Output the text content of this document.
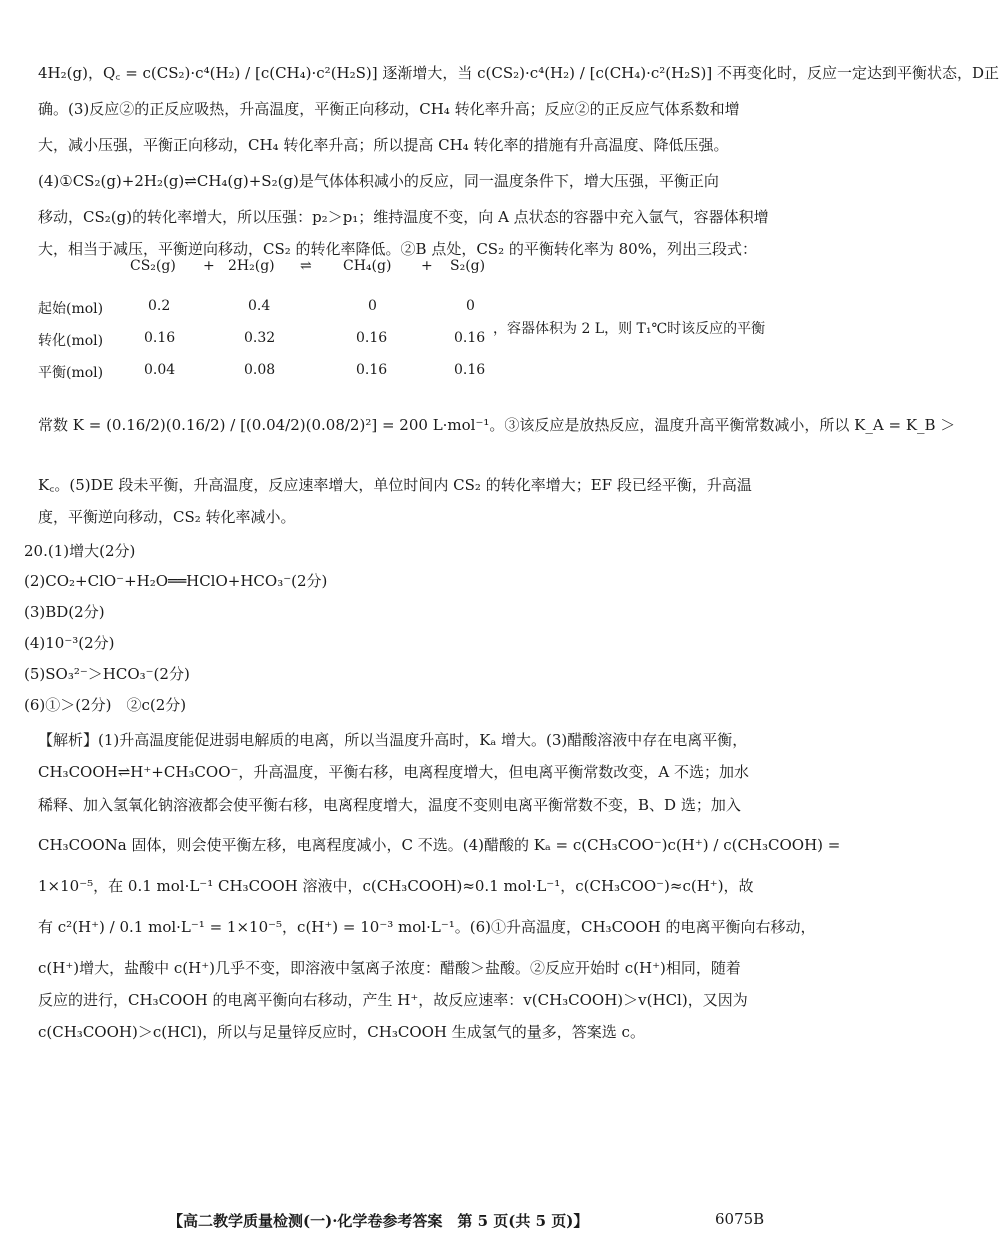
4H₂(g)，Q꜀ = c(CS₂)·c⁴(H₂) / [c(CH₄)·c²(H₂S)] 逐渐增大，当 c(CS₂)·c⁴(H₂) / [c(CH₄)·c²(H₂S)] 不再变化时，反应一定达到平衡状态，D正
确。(3)反应②的正反应吸热，升高温度，平衡正向移动，CH₄ 转化率升高；反应②的正反应气体系数和增
大，减小压强，平衡正向移动，CH₄ 转化率升高；所以提高 CH₄ 转化率的措施有升高温度、降低压强。
(4)①CS₂(g)+2H₂(g)⇌CH₄(g)+S₂(g)是气体体积减小的反应，同一温度条件下，增大压强，平衡正向
移动，CS₂(g)的转化率增大，所以压强：p₂＞p₁；维持温度不变，向 A 点状态的容器中充入氩气，容器体积增
大，相当于减压，平衡逆向移动，CS₂ 的转化率降低。②B 点处，CS₂ 的平衡转化率为 80%，列出三段式：
CS₂(g) + 2H₂(g) ⇌ CH₄(g) + S₂(g)
起始(mol)	0.2	0.4	0	0
转化(mol)	0.16	0.32	0.16	0.16
，容器体积为 2 L，则 T₁℃时该反应的平衡
平衡(mol)	0.04	0.08	0.16	0.16
常数 K = (0.16/2)(0.16/2) / [(0.04/2)(0.08/2)²] = 200 L·mol⁻¹。③该反应是放热反应，温度升高平衡常数减小，所以 K_A = K_B ＞
K꜀。(5)DE 段未平衡，升高温度，反应速率增大，单位时间内 CS₂ 的转化率增大；EF 段已经平衡，升高温
度，平衡逆向移动，CS₂ 转化率减小。
20.(1)增大(2分)
(2)CO₂+ClO⁻+H₂O══HClO+HCO₃⁻(2分)
(3)BD(2分)
(4)10⁻³(2分)
(5)SO₃²⁻＞HCO₃⁻(2分)
(6)①＞(2分)　②c(2分)
【解析】(1)升高温度能促进弱电解质的电离，所以当温度升高时，Kₐ 增大。(3)醋酸溶液中存在电离平衡，
CH₃COOH⇌H⁺+CH₃COO⁻，升高温度，平衡右移，电离程度增大，但电离平衡常数改变，A 不选；加水
稀释、加入氢氧化钠溶液都会使平衡右移，电离程度增大，温度不变则电离平衡常数不变，B、D 选；加入
CH₃COONa 固体，则会使平衡左移，电离程度减小，C 不选。(4)醋酸的 Kₐ = c(CH₃COO⁻)c(H⁺) / c(CH₃COOH) =
1×10⁻⁵，在 0.1 mol·L⁻¹ CH₃COOH 溶液中，c(CH₃COOH)≈0.1 mol·L⁻¹，c(CH₃COO⁻)≈c(H⁺)，故
有 c²(H⁺) / 0.1 mol·L⁻¹ = 1×10⁻⁵，c(H⁺) = 10⁻³ mol·L⁻¹。(6)①升高温度，CH₃COOH 的电离平衡向右移动，
c(H⁺)增大，盐酸中 c(H⁺)几乎不变，即溶液中氢离子浓度：醋酸＞盐酸。②反应开始时 c(H⁺)相同，随着
反应的进行，CH₃COOH 的电离平衡向右移动，产生 H⁺，故反应速率：v(CH₃COOH)＞v(HCl)，又因为
c(CH₃COOH)＞c(HCl)，所以与足量锌反应时，CH₃COOH 生成氢气的量多，答案选 c。
【高二教学质量检测(一)·化学卷参考答案　第 5 页(共 5 页)】	6075B
